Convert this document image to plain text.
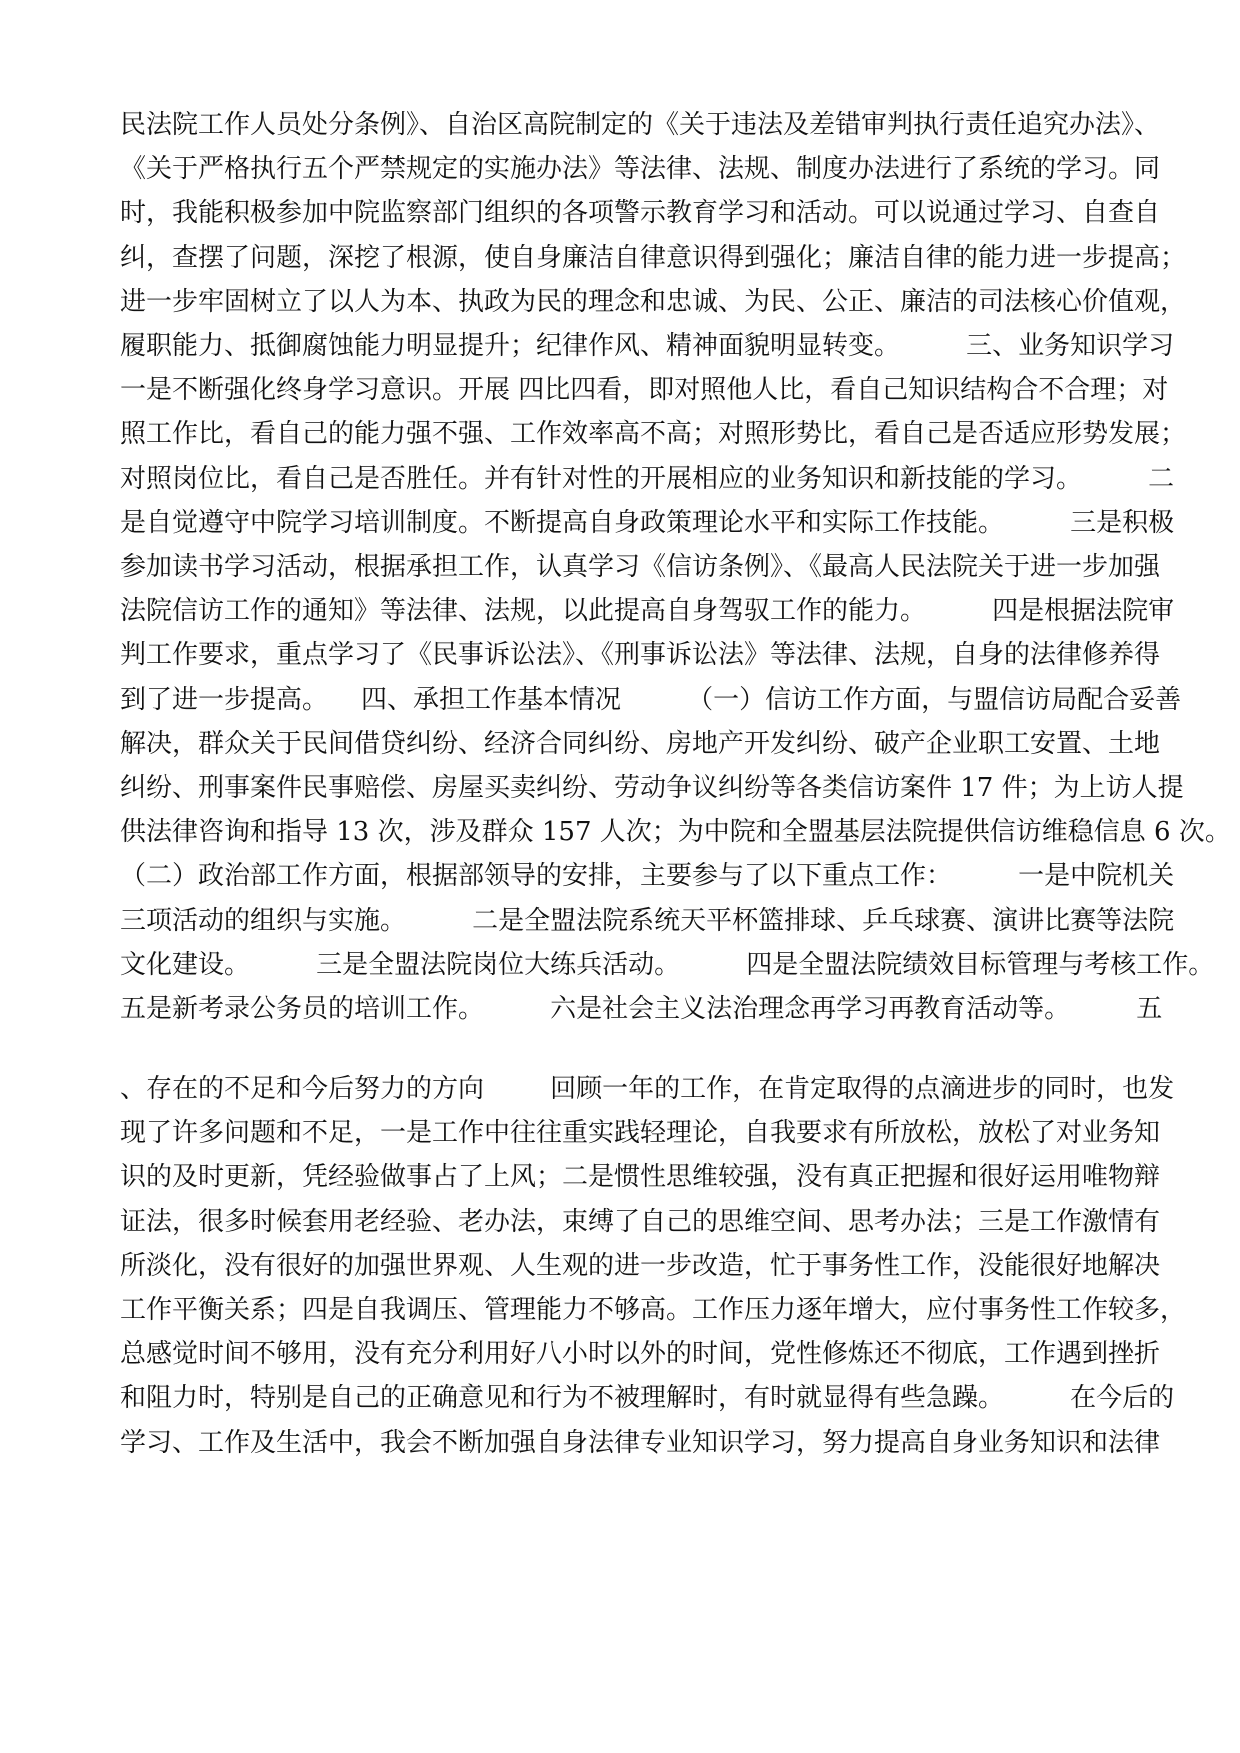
民法院工作人员处分条例》、自治区高院制定的《关于违法及差错审判执行责任追究办法》、
《关于严格执行五个严禁规定的实施办法》等法律、法规、制度办法进行了系统的学习。同
时，我能积极参加中院监察部门组织的各项警示教育学习和活动。可以说通过学习、自查自
纠，查摆了问题，深挖了根源，使自身廉洁自律意识得到强化；廉洁自律的能力进一步提高；
进一步牢固树立了以人为本、执政为民的理念和忠诚、为民、公正、廉洁的司法核心价值观，
履职能力、抵御腐蚀能力明显提升；纪律作风、精神面貌明显转变。        三、业务知识学习
一是不断强化终身学习意识。开展 四比四看，即对照他人比，看自己知识结构合不合理；对
照工作比，看自己的能力强不强、工作效率高不高；对照形势比，看自己是否适应形势发展；
对照岗位比，看自己是否胜任。并有针对性的开展相应的业务知识和新技能的学习。        二
是自觉遵守中院学习培训制度。不断提高自身政策理论水平和实际工作技能。        三是积极
参加读书学习活动，根据承担工作，认真学习《信访条例》、《最高人民法院关于进一步加强
法院信访工作的通知》等法律、法规，以此提高自身驾驭工作的能力。        四是根据法院审
判工作要求，重点学习了《民事诉讼法》、《刑事诉讼法》等法律、法规，自身的法律修养得
到了进一步提高。    四、承担工作基本情况        （一）信访工作方面，与盟信访局配合妥善
解决，群众关于民间借贷纠纷、经济合同纠纷、房地产开发纠纷、破产企业职工安置、土地
纠纷、刑事案件民事赔偿、房屋买卖纠纷、劳动争议纠纷等各类信访案件 17 件；为上访人提
供法律咨询和指导 13 次，涉及群众 157 人次；为中院和全盟基层法院提供信访维稳信息 6 次。
（二）政治部工作方面，根据部领导的安排，主要参与了以下重点工作：        一是中院机关
三项活动的组织与实施。        二是全盟法院系统天平杯篮排球、乒乓球赛、演讲比赛等法院
文化建设。        三是全盟法院岗位大练兵活动。        四是全盟法院绩效目标管理与考核工作。
五是新考录公务员的培训工作。        六是社会主义法治理念再学习再教育活动等。        五
、存在的不足和今后努力的方向        回顾一年的工作，在肯定取得的点滴进步的同时，也发
现了许多问题和不足，一是工作中往往重实践轻理论，自我要求有所放松，放松了对业务知
识的及时更新，凭经验做事占了上风；二是惯性思维较强，没有真正把握和很好运用唯物辩
证法，很多时候套用老经验、老办法，束缚了自己的思维空间、思考办法；三是工作激情有
所淡化，没有很好的加强世界观、人生观的进一步改造，忙于事务性工作，没能很好地解决
工作平衡关系；四是自我调压、管理能力不够高。工作压力逐年增大，应付事务性工作较多，
总感觉时间不够用，没有充分利用好八小时以外的时间，党性修炼还不彻底，工作遇到挫折
和阻力时，特别是自己的正确意见和行为不被理解时，有时就显得有些急躁。        在今后的
学习、工作及生活中，我会不断加强自身法律专业知识学习，努力提高自身业务知识和法律
